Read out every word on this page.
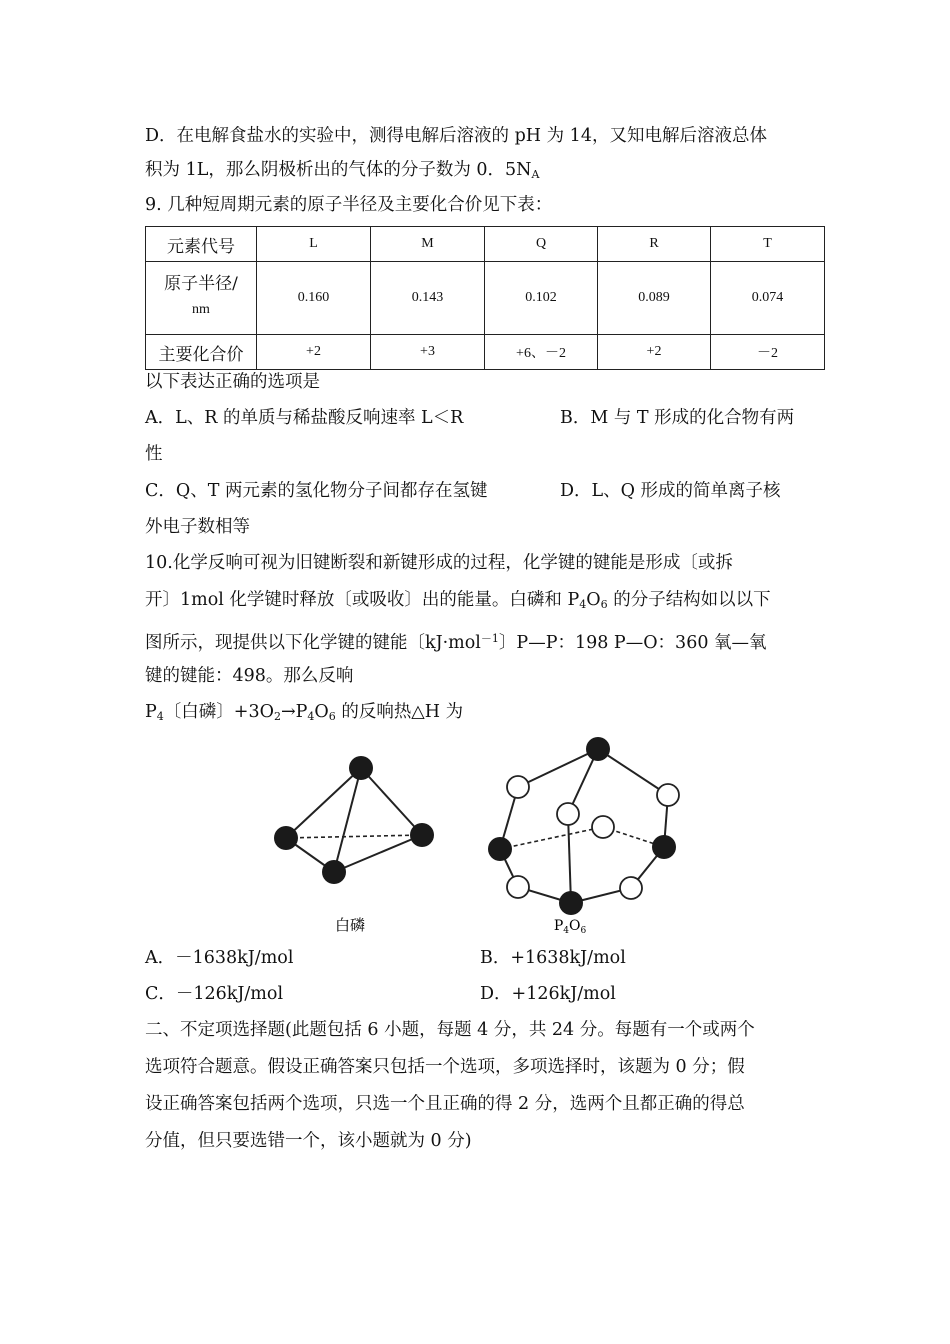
D．在电解食盐水的实验中，测得电解后溶液的 pH 为 14，又知电解后溶液总体
积为 1L，那么阴极析出的气体的分子数为 0．$5N_A$
9. 几种短周期元素的原子半径及主要化合价见下表：
元素代号	L	M	Q	R	T

原子半径/
nm	0.160	0.143	0.102	0.089	0.074
主要化合价	+2	+3	+6、－2	+2	－2
以下表达正确的选项是
A．L、R 的单质与稀盐酸反响速率 L＜R	B．M 与 T 形成的化合物有两
性
C．Q、T 两元素的氢化物分子间都存在氢键	D．L、Q 形成的简单离子核
外电子数相等
10.化学反响可视为旧键断裂和新键形成的过程，化学键的键能是形成〔或拆
开〕1mol 化学键时释放〔或吸收〕出的能量。白磷和 $P_4O_6$ 的分子结构如以以下
图所示，现提供以下化学键的键能〔kJ·mol$^{-1}$〕P—P：198 P—O：360 氧—氧
键的键能：498。那么反响
$P_4$〔白磷〕$+3O_2\to P_4O_6$ 的反响热△H 为
白磷	$P_4O_6$
A．－1638kJ/mol	B．+1638kJ/mol
C．－126kJ/mol	D．+126kJ/mol
二、不定项选择题(此题包括 6 小题，每题 4 分，共 24 分。每题有一个或两个
选项符合题意。假设正确答案只包括一个选项，多项选择时，该题为 0 分；假
设正确答案包括两个选项，只选一个且正确的得 2 分，选两个且都正确的得总
分值，但只要选错一个，该小题就为 0 分)
